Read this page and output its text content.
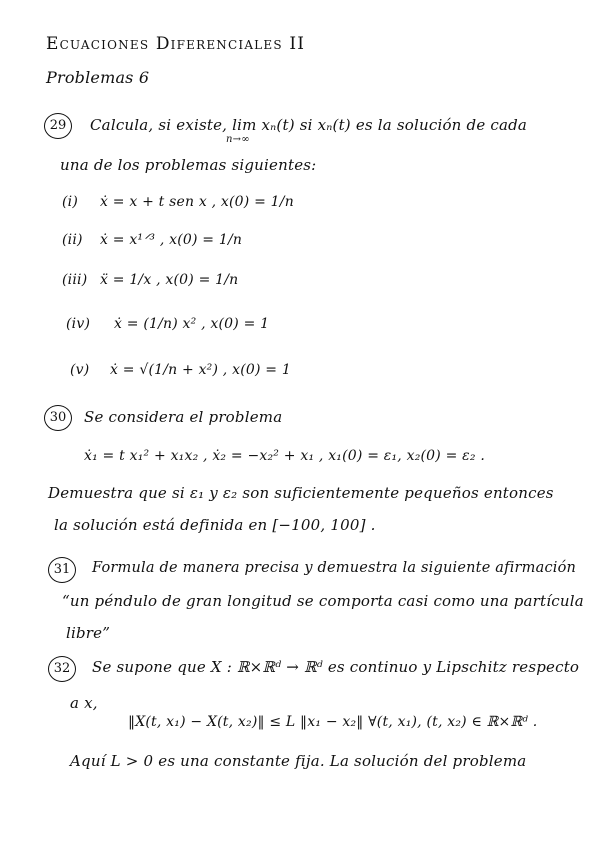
Ecuaciones Diferenciales II
Problemas 6
29	Calcula, si existe, lim xₙ(t) si xₙ(t) es la solución de cada
n→∞
una de los problemas siguientes:
(i) ẋ = x + t sen x , x(0) = 1/n
(ii) ẋ = x¹ᐟ³ , x(0) = 1/n
(iii) ẍ = 1/x , x(0) = 1/n
(iv) ẋ = (1/n) x² , x(0) = 1
(v) ẋ = √(1/n + x²) , x(0) = 1
30	Se considera el problema
ẋ₁ = t x₁² + x₁x₂ , ẋ₂ = −x₂² + x₁ , x₁(0) = ε₁, x₂(0) = ε₂ .
Demuestra que si ε₁ y ε₂ son suficientemente pequeños entonces
la solución está definida en [−100, 100] .
31	Formula de manera precisa y demuestra la siguiente afirmación
“un péndulo de gran longitud se comporta casi como una partícula
libre”
32	Se supone que X : ℝ×ℝᵈ → ℝᵈ es continuo y Lipschitz respecto
a x,
‖X(t, x₁) − X(t, x₂)‖ ≤ L ‖x₁ − x₂‖ ∀(t, x₁), (t, x₂) ∈ ℝ×ℝᵈ .
Aquí L > 0 es una constante fija. La solución del problema
